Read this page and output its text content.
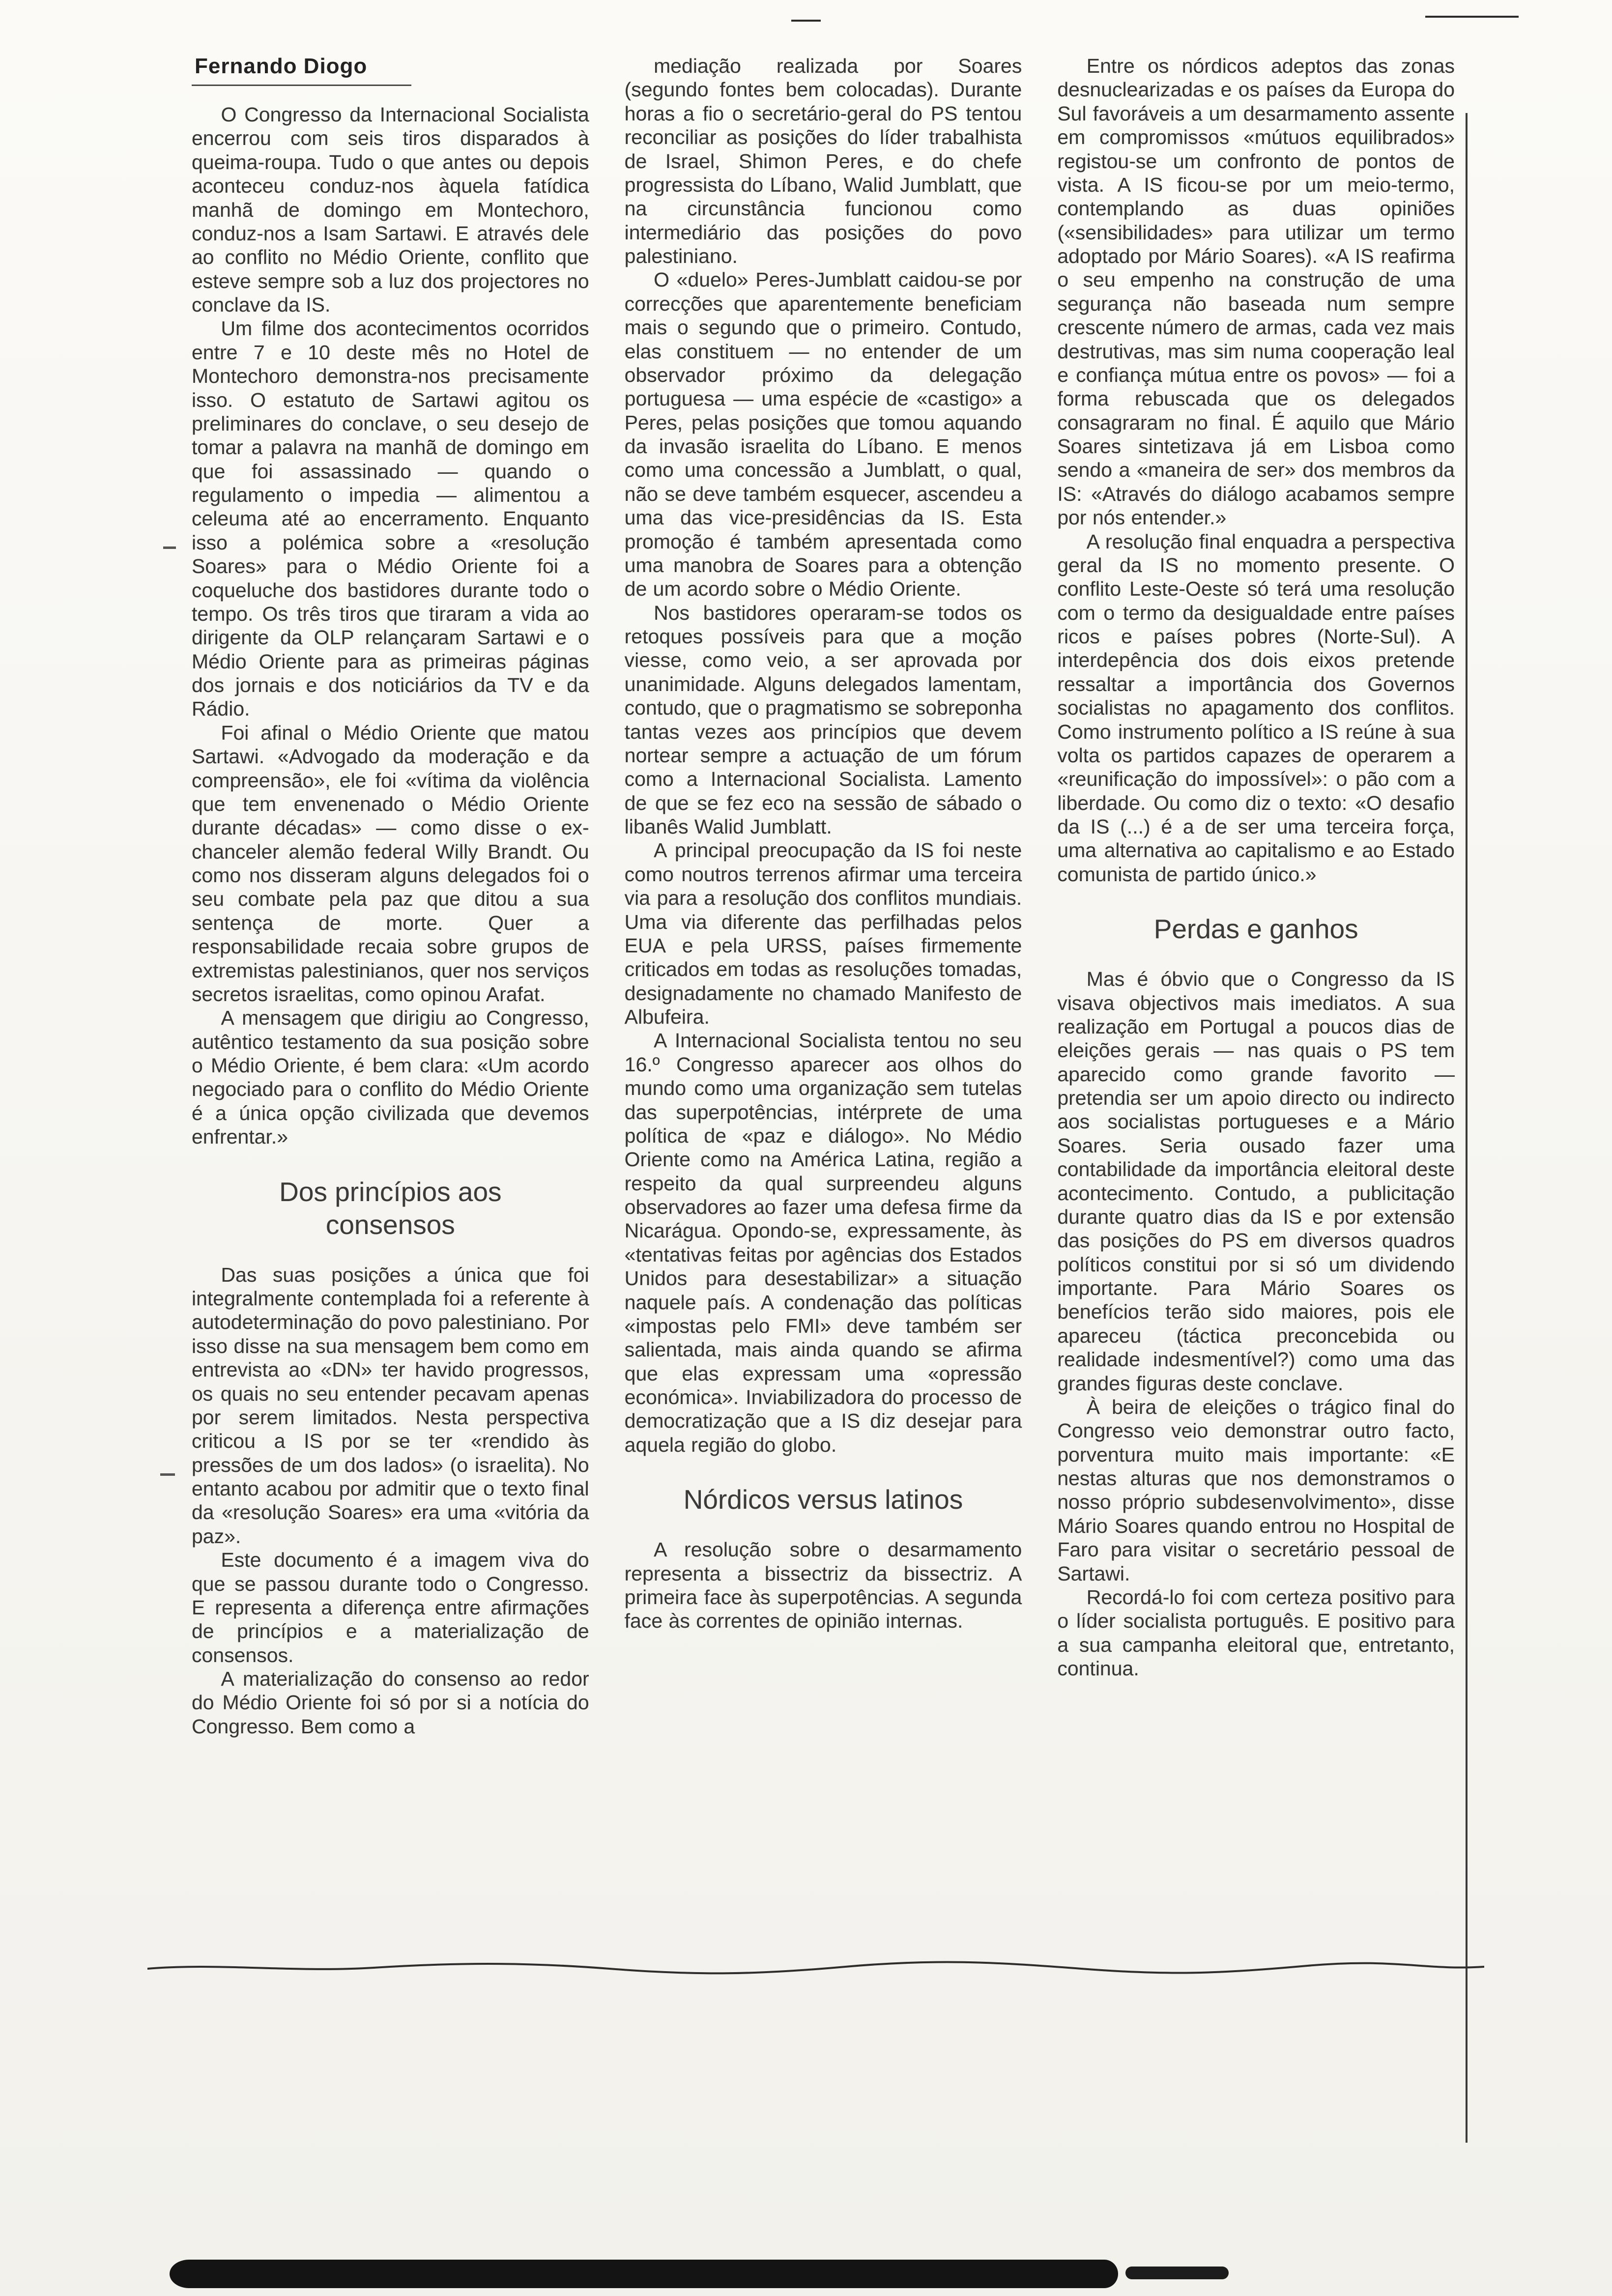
Fernando Diogo

O Congresso da Internacional Socialista encerrou com seis tiros disparados à queima-roupa. Tudo o que antes ou depois aconteceu conduz-nos àquela fatídica manhã de domingo em Montechoro, conduz-nos a Isam Sartawi. E através dele ao conflito no Médio Oriente, conflito que esteve sempre sob a luz dos projectores no conclave da IS.

Um filme dos acontecimentos ocorridos entre 7 e 10 deste mês no Hotel de Montechoro demonstra-nos precisamente isso. O estatuto de Sartawi agitou os preliminares do conclave, o seu desejo de tomar a palavra na manhã de domingo em que foi assassinado — quando o regulamento o impedia — alimentou a celeuma até ao encerramento. Enquanto isso a polémica sobre a «resolução Soares» para o Médio Oriente foi a coqueluche dos bastidores durante todo o tempo. Os três tiros que tiraram a vida ao dirigente da OLP relançaram Sartawi e o Médio Oriente para as primeiras páginas dos jornais e dos noticiários da TV e da Rádio.

Foi afinal o Médio Oriente que matou Sartawi. «Advogado da moderação e da compreensão», ele foi «vítima da violência que tem envenenado o Médio Oriente durante décadas» — como disse o ex-chanceler alemão federal Willy Brandt. Ou como nos disseram alguns delegados foi o seu combate pela paz que ditou a sua sentença de morte. Quer a responsabilidade recaia sobre grupos de extremistas palestinianos, quer nos serviços secretos israelitas, como opinou Arafat.

A mensagem que dirigiu ao Congresso, autêntico testamento da sua posição sobre o Médio Oriente, é bem clara: «Um acordo negociado para o conflito do Médio Oriente é a única opção civilizada que devemos enfrentar.»

Dos princípios aos consensos

Das suas posições a única que foi integralmente contemplada foi a referente à autodeterminação do povo palestiniano. Por isso disse na sua mensagem bem como em entrevista ao «DN» ter havido progressos, os quais no seu entender pecavam apenas por serem limitados. Nesta perspectiva criticou a IS por se ter «rendido às pressões de um dos lados» (o israelita). No entanto acabou por admitir que o texto final da «resolução Soares» era uma «vitória da paz».

Este documento é a imagem viva do que se passou durante todo o Congresso. E representa a diferença entre afirmações de princípios e a materialização de consensos.

A materialização do consenso ao redor do Médio Oriente foi só por si a notícia do Congresso. Bem como a

mediação realizada por Soares (segundo fontes bem colocadas). Durante horas a fio o secretário-geral do PS tentou reconciliar as posições do líder trabalhista de Israel, Shimon Peres, e do chefe progressista do Líbano, Walid Jumblatt, que na circunstância funcionou como intermediário das posições do povo palestiniano.

O «duelo» Peres-Jumblatt caidou-se por correcções que aparentemente beneficiam mais o segundo que o primeiro. Contudo, elas constituem — no entender de um observador próximo da delegação portuguesa — uma espécie de «castigo» a Peres, pelas posições que tomou aquando da invasão israelita do Líbano. E menos como uma concessão a Jumblatt, o qual, não se deve também esquecer, ascendeu a uma das vice-presidências da IS. Esta promoção é também apresentada como uma manobra de Soares para a obtenção de um acordo sobre o Médio Oriente.

Nos bastidores operaram-se todos os retoques possíveis para que a moção viesse, como veio, a ser aprovada por unanimidade. Alguns delegados lamentam, contudo, que o pragmatismo se sobreponha tantas vezes aos princípios que devem nortear sempre a actuação de um fórum como a Internacional Socialista. Lamento de que se fez eco na sessão de sábado o libanês Walid Jumblatt.

A principal preocupação da IS foi neste como noutros terrenos afirmar uma terceira via para a resolução dos conflitos mundiais. Uma via diferente das perfilhadas pelos EUA e pela URSS, países firmemente criticados em todas as resoluções tomadas, designadamente no chamado Manifesto de Albufeira.

A Internacional Socialista tentou no seu 16.º Congresso aparecer aos olhos do mundo como uma organização sem tutelas das superpotências, intérprete de uma política de «paz e diálogo». No Médio Oriente como na América Latina, região a respeito da qual surpreendeu alguns observadores ao fazer uma defesa firme da Nicarágua. Opondo-se, expressamente, às «tentativas feitas por agências dos Estados Unidos para desestabilizar» a situação naquele país. A condenação das políticas «impostas pelo FMI» deve também ser salientada, mais ainda quando se afirma que elas expressam uma «opressão económica». Inviabilizadora do processo de democratização que a IS diz desejar para aquela região do globo.

Nórdicos versus latinos

A resolução sobre o desarmamento representa a bissectriz da bissectriz. A primeira face às superpotências. A segunda face às correntes de opinião internas.

Entre os nórdicos adeptos das zonas desnuclearizadas e os países da Europa do Sul favoráveis a um desarmamento assente em compromissos «mútuos equilibrados» registou-se um confronto de pontos de vista. A IS ficou-se por um meio-termo, contemplando as duas opiniões («sensibilidades» para utilizar um termo adoptado por Mário Soares). «A IS reafirma o seu empenho na construção de uma segurança não baseada num sempre crescente número de armas, cada vez mais destrutivas, mas sim numa cooperação leal e confiança mútua entre os povos» — foi a forma rebuscada que os delegados consagraram no final. É aquilo que Mário Soares sintetizava já em Lisboa como sendo a «maneira de ser» dos membros da IS: «Através do diálogo acabamos sempre por nós entender.»

A resolução final enquadra a perspectiva geral da IS no momento presente. O conflito Leste-Oeste só terá uma resolução com o termo da desigualdade entre países ricos e países pobres (Norte-Sul). A interdepência dos dois eixos pretende ressaltar a importância dos Governos socialistas no apagamento dos conflitos. Como instrumento político a IS reúne à sua volta os partidos capazes de operarem a «reunificação do impossível»: o pão com a liberdade. Ou como diz o texto: «O desafio da IS (...) é a de ser uma terceira força, uma alternativa ao capitalismo e ao Estado comunista de partido único.»

Perdas e ganhos

Mas é óbvio que o Congresso da IS visava objectivos mais imediatos. A sua realização em Portugal a poucos dias de eleições gerais — nas quais o PS tem aparecido como grande favorito — pretendia ser um apoio directo ou indirecto aos socialistas portugueses e a Mário Soares. Seria ousado fazer uma contabilidade da importância eleitoral deste acontecimento. Contudo, a publicitação durante quatro dias da IS e por extensão das posições do PS em diversos quadros políticos constitui por si só um dividendo importante. Para Mário Soares os benefícios terão sido maiores, pois ele apareceu (táctica preconcebida ou realidade indesmentível?) como uma das grandes figuras deste conclave.

À beira de eleições o trágico final do Congresso veio demonstrar outro facto, porventura muito mais importante: «E nestas alturas que nos demonstramos o nosso próprio subdesenvolvimento», disse Mário Soares quando entrou no Hospital de Faro para visitar o secretário pessoal de Sartawi.

Recordá-lo foi com certeza positivo para o líder socialista português. E positivo para a sua campanha eleitoral que, entretanto, continua.
